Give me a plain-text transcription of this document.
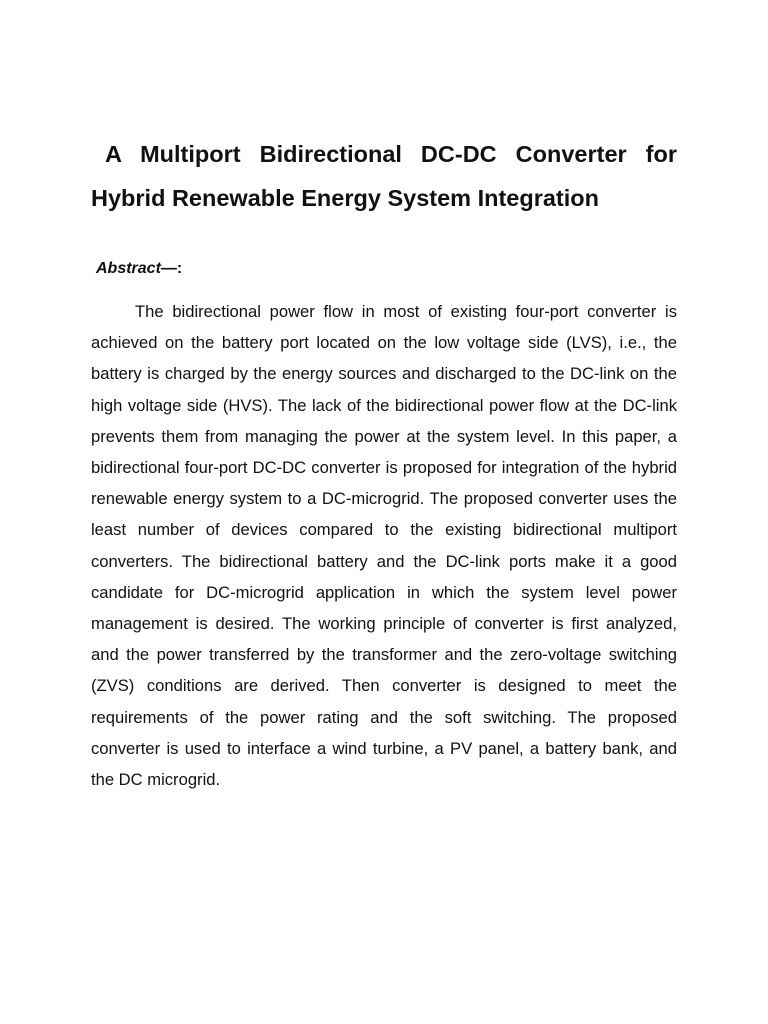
A Multiport Bidirectional DC-DC Converter for Hybrid Renewable Energy System Integration

Abstract—:

The bidirectional power flow in most of existing four-port converter is achieved on the battery port located on the low voltage side (LVS), i.e., the battery is charged by the energy sources and discharged to the DC-link on the high voltage side (HVS). The lack of the bidirectional power flow at the DC-link prevents them from managing the power at the system level. In this paper, a bidirectional four-port DC-DC converter is proposed for integration of the hybrid renewable energy system to a DC-microgrid. The proposed converter uses the least number of devices compared to the existing bidirectional multiport converters. The bidirectional battery and the DC-link ports make it a good candidate for DC-microgrid application in which the system level power management is desired. The working principle of converter is first analyzed, and the power transferred by the transformer and the zero-voltage switching (ZVS) conditions are derived. Then converter is designed to meet the requirements of the power rating and the soft switching. The proposed converter is used to interface a wind turbine, a PV panel, a battery bank, and the DC microgrid.
